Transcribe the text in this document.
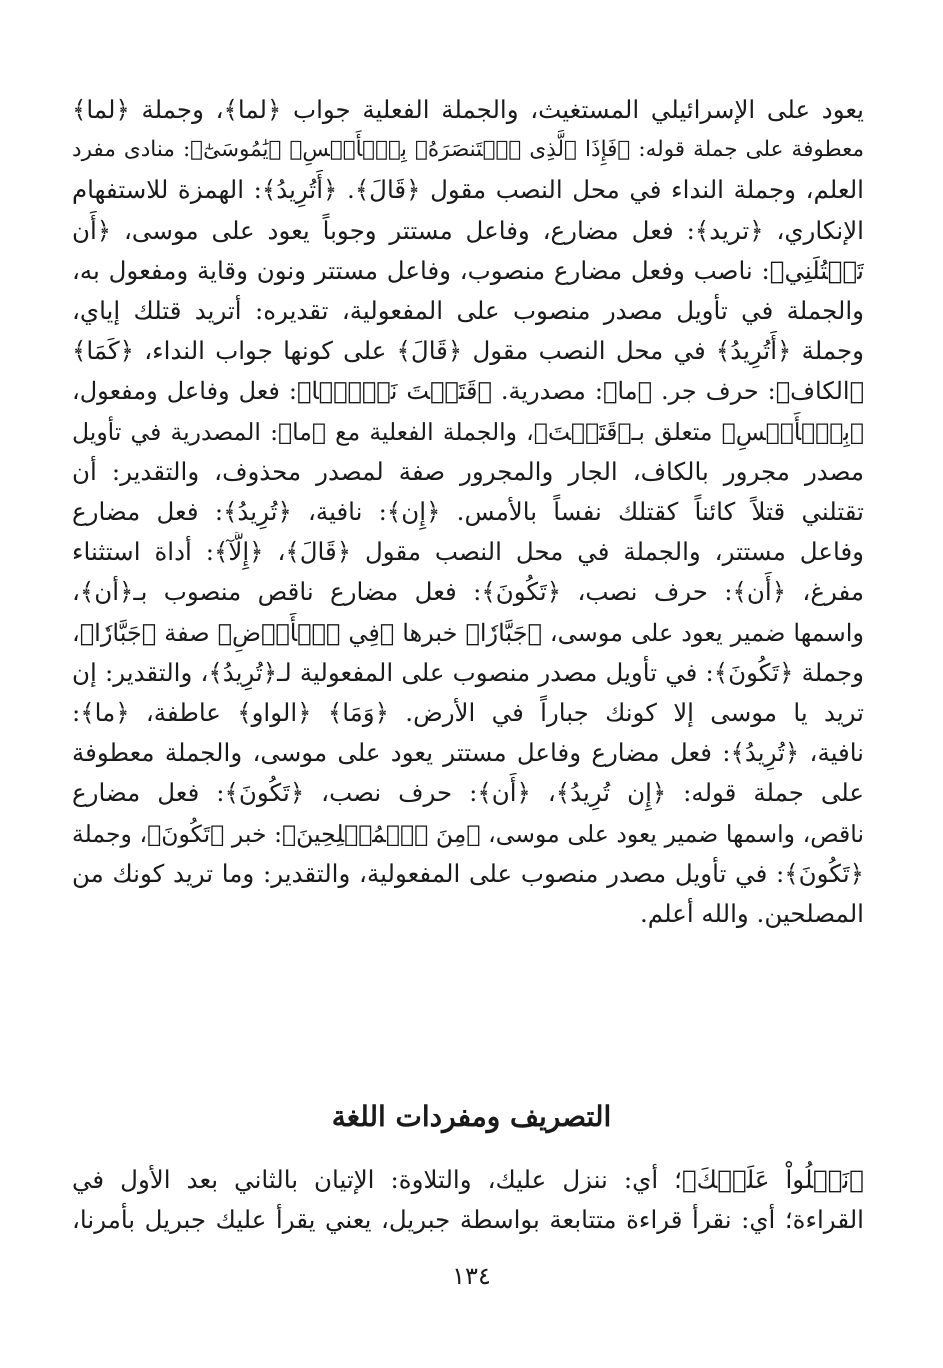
يعود على الإسرائيلي المستغيث، والجملة الفعلية جواب ﴿لما﴾، وجملة ﴿لما﴾
معطوفة على جملة قوله: ﴿فَإِذَا ٱلَّذِى ٱسۡتَنصَرَهُۥ بِٱلۡأَمۡسِ﴾ ﴿يَٰمُوسَىٰٓ﴾: منادى مفرد
العلم، وجملة النداء في محل النصب مقول ﴿قَالَ﴾. ﴿أَتُرِيدُ﴾: الهمزة للاستفهام
الإنكاري، ﴿تريد﴾: فعل مضارع، وفاعل مستتر وجوباً يعود على موسى، ﴿أَن
تَقۡتُلَنِي﴾: ناصب وفعل مضارع منصوب، وفاعل مستتر ونون وقاية ومفعول به،
والجملة في تأويل مصدر منصوب على المفعولية، تقديره: أتريد قتلك إياي،
وجملة ﴿أَتُرِيدُ﴾ في محل النصب مقول ﴿قَالَ﴾ على كونها جواب النداء، ﴿كَمَا﴾
﴿الكاف﴾: حرف جر. ﴿ما﴾: مصدرية. ﴿قَتَلۡتَ نَفۡسَۢا﴾: فعل وفاعل ومفعول،
﴿بِٱلۡأَمۡسِ﴾ متعلق بـ﴿قَتَلۡتَ﴾، والجملة الفعلية مع ﴿ما﴾: المصدرية في تأويل
مصدر مجرور بالكاف، الجار والمجرور صفة لمصدر محذوف، والتقدير: أن
تقتلني قتلاً كائناً كقتلك نفساً بالأمس. ﴿إِن﴾: نافية، ﴿تُرِيدُ﴾: فعل مضارع
وفاعل مستتر، والجملة في محل النصب مقول ﴿قَالَ﴾، ﴿إِلَّآ﴾: أداة استثناء
مفرغ، ﴿أَن﴾: حرف نصب، ﴿تَكُونَ﴾: فعل مضارع ناقص منصوب بـ﴿أن﴾،
واسمها ضمير يعود على موسى، ﴿جَبَّارٗا﴾ خبرها ﴿فِي ٱلۡأَرۡضِ﴾ صفة ﴿جَبَّارٗا﴾،
وجملة ﴿تَكُونَ﴾: في تأويل مصدر منصوب على المفعولية لـ﴿تُرِيدُ﴾، والتقدير: إن
تريد يا موسى إلا كونك جباراً في الأرض. ﴿وَمَا﴾ ﴿الواو﴾ عاطفة، ﴿ما﴾:
نافية، ﴿تُرِيدُ﴾: فعل مضارع وفاعل مستتر يعود على موسى، والجملة معطوفة
على جملة قوله: ﴿إِن تُرِيدُ﴾، ﴿أَن﴾: حرف نصب، ﴿تَكُونَ﴾: فعل مضارع
ناقص، واسمها ضمير يعود على موسى، ﴿مِنَ ٱلۡمُصۡلِحِينَ﴾: خبر ﴿تَكُونَ﴾، وجملة
﴿تَكُونَ﴾: في تأويل مصدر منصوب على المفعولية، والتقدير: وما تريد كونك من
المصلحين. والله أعلم.
التصريف ومفردات اللغة
﴿نَتۡلُواْ عَلَيۡكَ﴾؛ أي: ننزل عليك، والتلاوة: الإتيان بالثاني بعد الأول في
القراءة؛ أي: نقرأ قراءة متتابعة بواسطة جبريل، يعني يقرأ عليك جبريل بأمرنا،
١٣٤
